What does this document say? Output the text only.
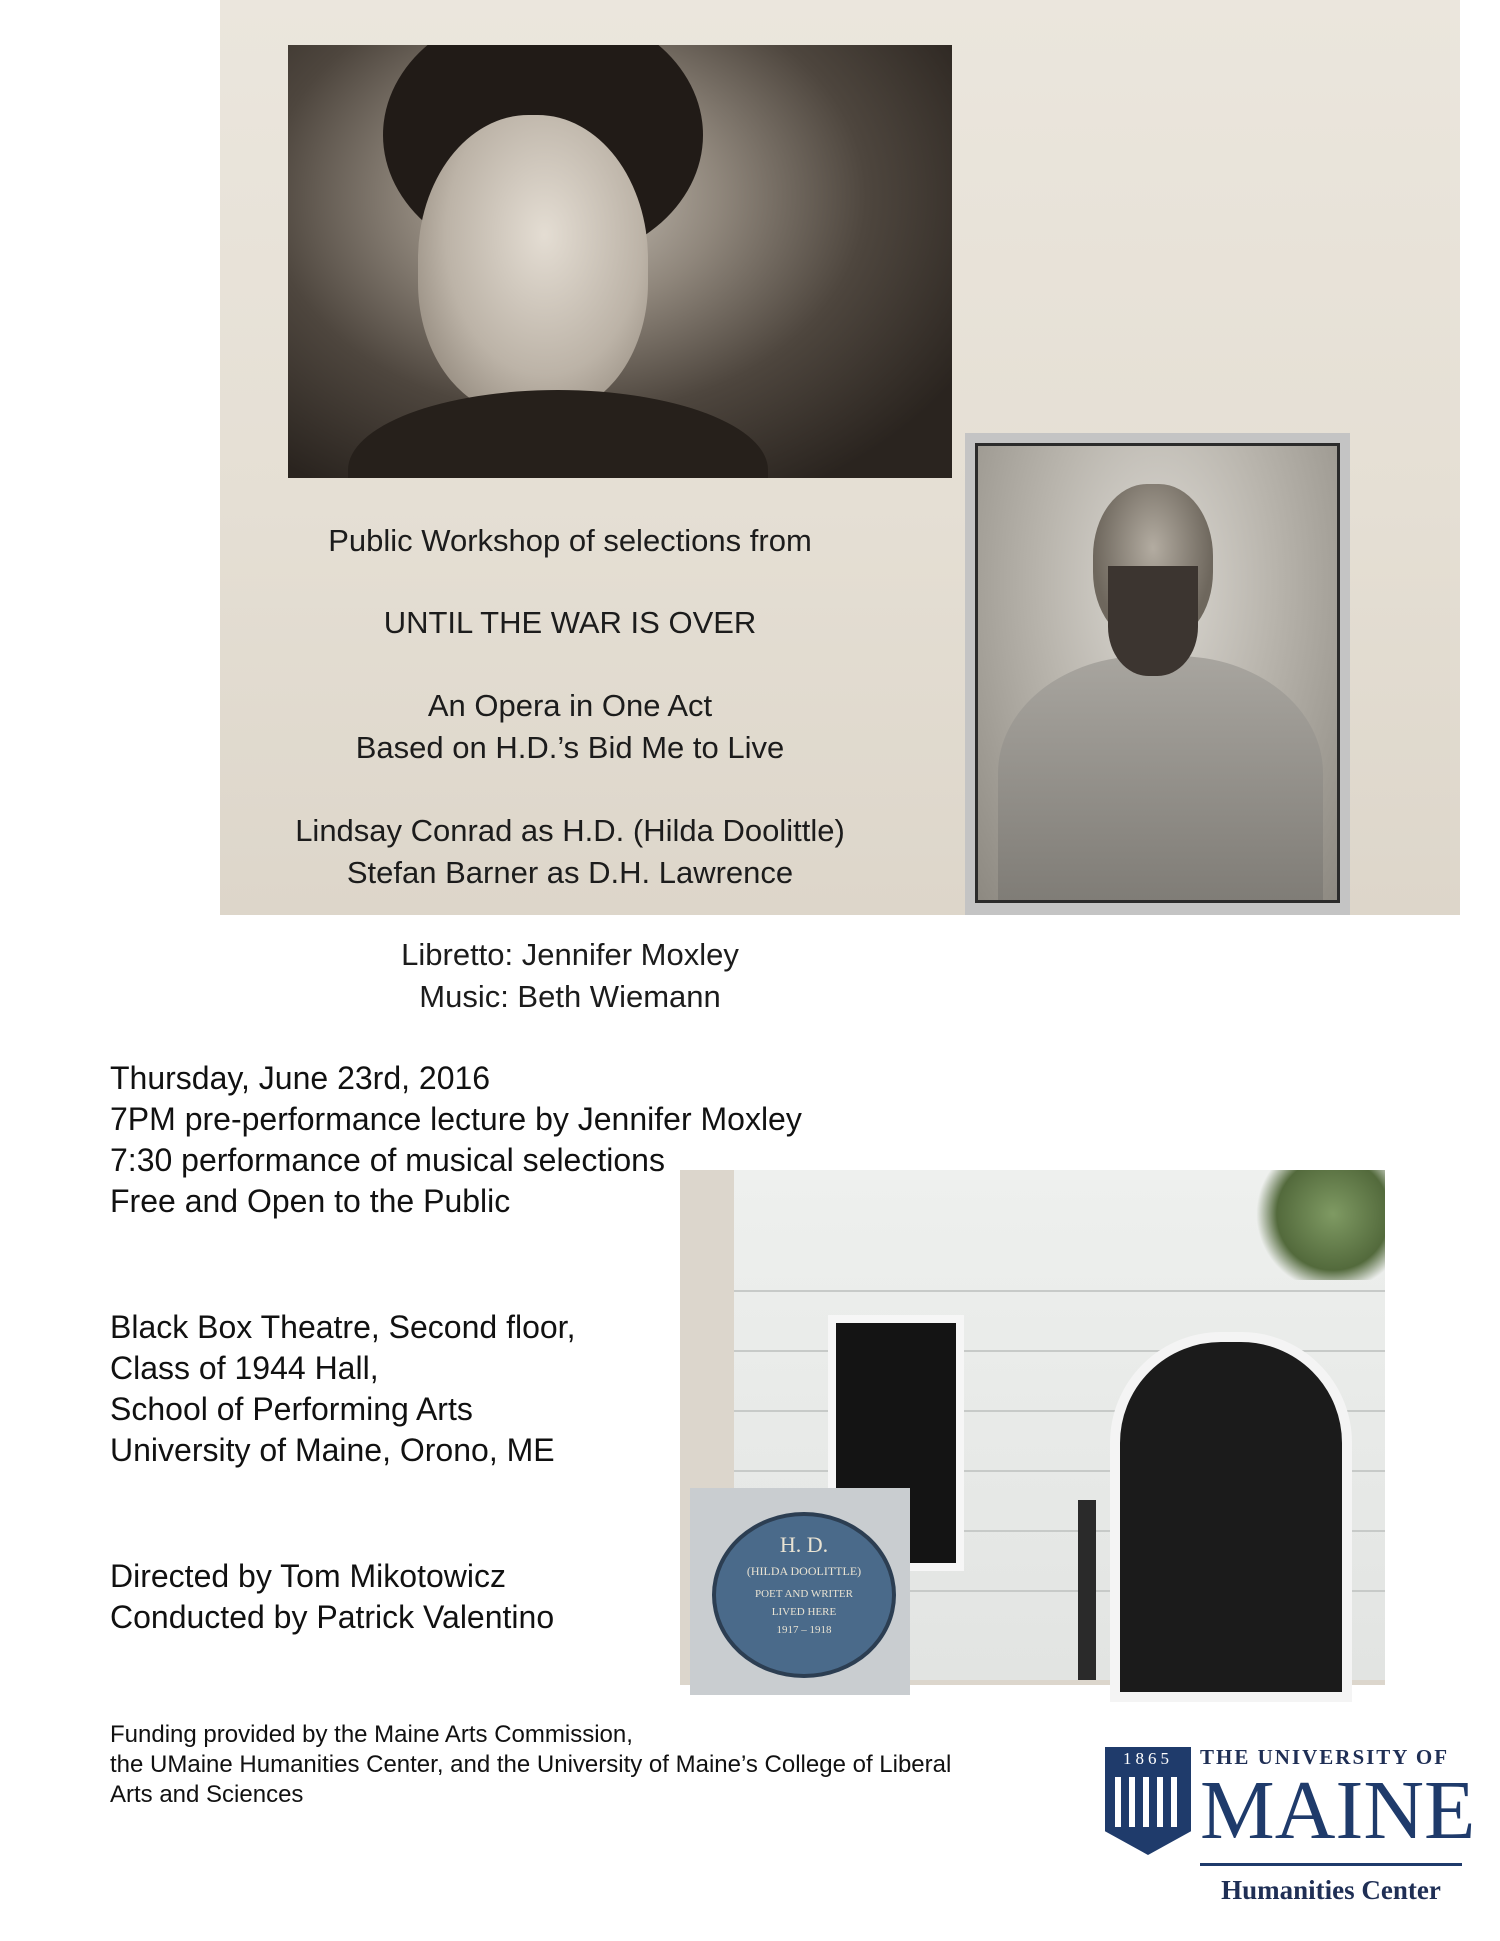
Public Workshop of selections from

UNTIL THE WAR IS OVER

An Opera in One Act

Based on H.D.’s Bid Me to Live

Lindsay Conrad as H.D. (Hilda Doolittle)

Stefan Barner as D.H. Lawrence

Libretto: Jennifer Moxley

Music: Beth Wiemann

Thursday, June 23rd, 2016

7PM pre-performance lecture by Jennifer Moxley

7:30 performance of musical selections

Free and Open to the Public

H. D.
(HILDA DOOLITTLE)
POET AND WRITER
LIVED HERE
1917 – 1918

Black Box Theatre, Second floor,

Class of 1944 Hall,

School of Performing Arts

University of Maine, Orono, ME

Directed by Tom Mikotowicz

Conducted by Patrick Valentino

Funding provided by the Maine Arts Commission,
the UMaine Humanities Center, and the University of Maine’s College of Liberal
Arts and Sciences
1865	THE UNIVERSITY OF
MAINE
Humanities Center
